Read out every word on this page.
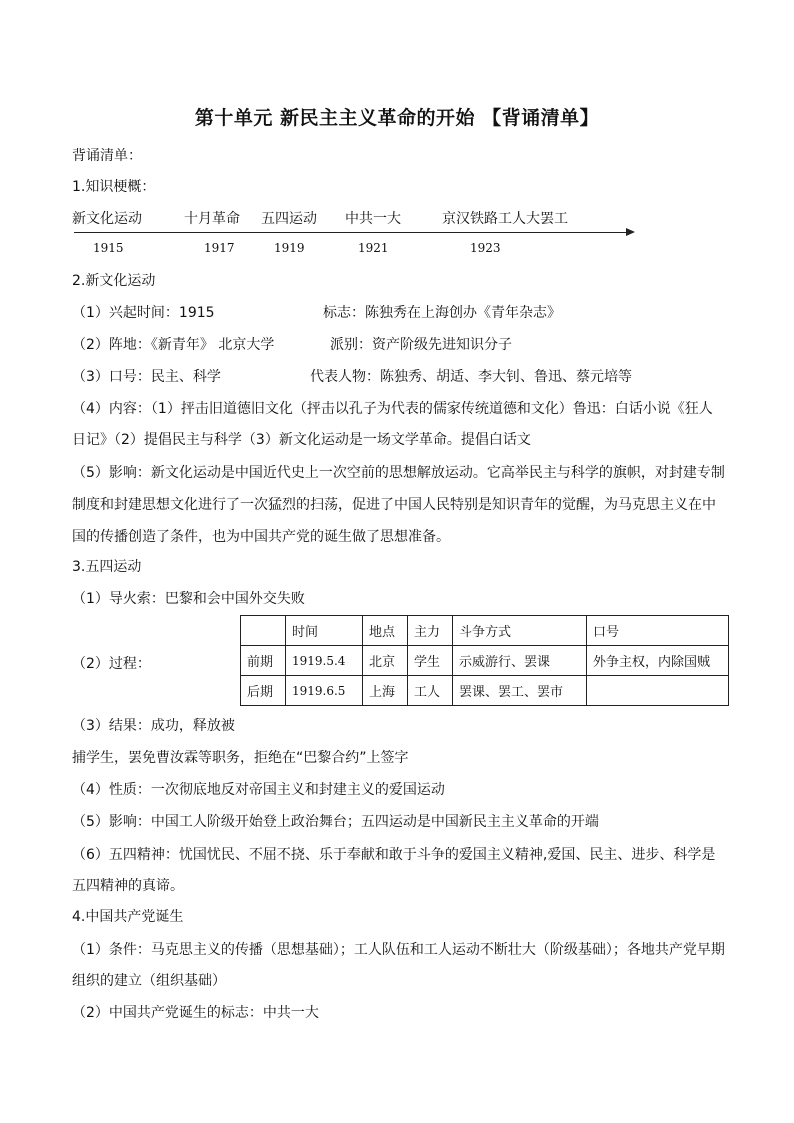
第十单元 新民主主义革命的开始 【背诵清单】
背诵清单：
1.知识梗概：
新文化运动	十月革命 五四运动 中共一大	京汉铁路工人大罢工
1915	1917	1919	1921	1923
2.新文化运动
（1）兴起时间：1915	标志：陈独秀在上海创办《青年杂志》
（2）阵地：《新青年》 北京大学	派别：资产阶级先进知识分子
（3）口号：民主、科学	代表人物：陈独秀、胡适、李大钊、鲁迅、蔡元培等
（4）内容：（1）抨击旧道德旧文化（抨击以孔子为代表的儒家传统道德和文化）鲁迅：白话小说《狂人
日记》（2）提倡民主与科学（3）新文化运动是一场文学革命。提倡白话文
（5）影响：新文化运动是中国近代史上一次空前的思想解放运动。它高举民主与科学的旗帜，对封建专制
制度和封建思想文化进行了一次猛烈的扫荡，促进了中国人民特别是知识青年的觉醒，为马克思主义在中
国的传播创造了条件，也为中国共产党的诞生做了思想准备。
3.五四运动
（1）导火索：巴黎和会中国外交失败
（2）过程：
	时间	地点	主力	斗争方式	口号
前期	1919.5.4	北京	学生	示威游行、罢课	外争主权，内除国贼
后期	1919.6.5	上海	工人	罢课、罢工、罢市	
（3）结果：成功，释放被
捕学生，罢免曹汝霖等职务，拒绝在“巴黎合约”上签字
（4）性质：一次彻底地反对帝国主义和封建主义的爱国运动
（5）影响：中国工人阶级开始登上政治舞台；五四运动是中国新民主主义革命的开端
（6）五四精神：忧国忧民、不屈不挠、乐于奉献和敢于斗争的爱国主义精神,爱国、民主、进步、科学是
五四精神的真谛。
4.中国共产党诞生
（1）条件：马克思主义的传播（思想基础）；工人队伍和工人运动不断壮大（阶级基础）；各地共产党早期
组织的建立（组织基础）
（2）中国共产党诞生的标志：中共一大
